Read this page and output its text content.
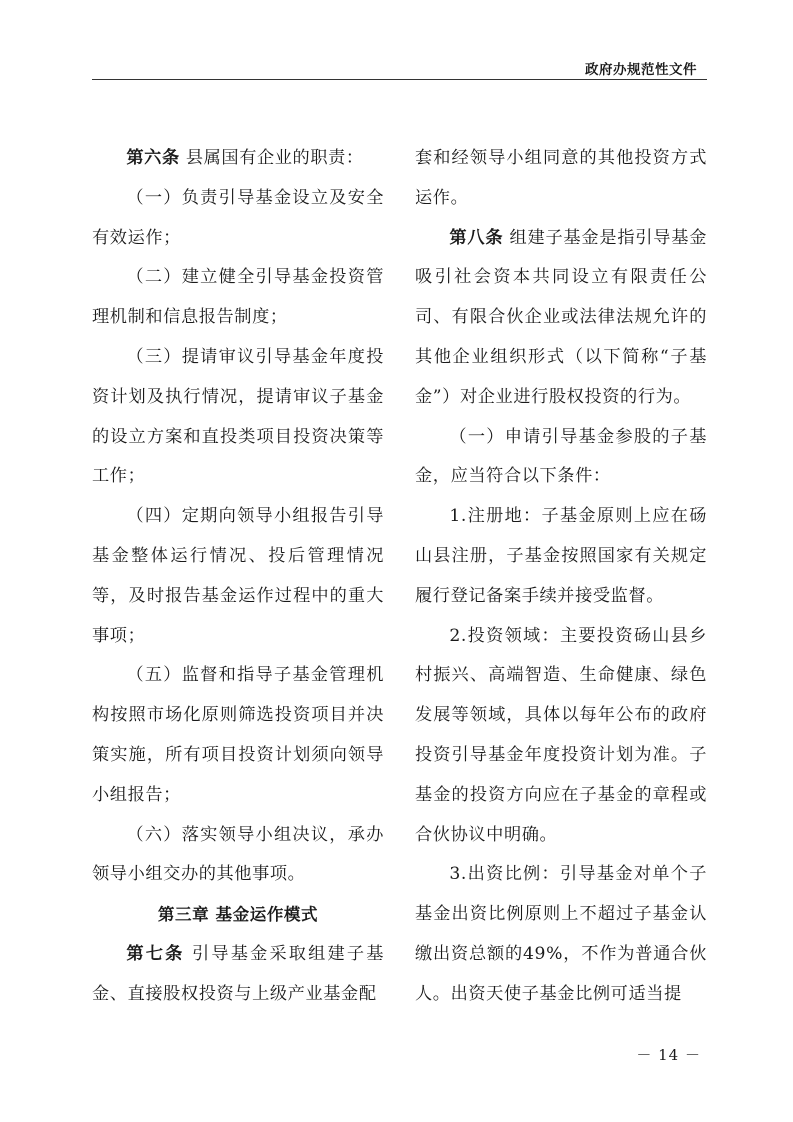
政府办规范性文件

第六条 县属国有企业的职责：

（一）负责引导基金设立及安全有效运作；

（二）建立健全引导基金投资管理机制和信息报告制度；

（三）提请审议引导基金年度投资计划及执行情况，提请审议子基金的设立方案和直投类项目投资决策等工作；

（四）定期向领导小组报告引导基金整体运行情况、投后管理情况等，及时报告基金运作过程中的重大事项；

（五）监督和指导子基金管理机构按照市场化原则筛选投资项目并决策实施，所有项目投资计划须向领导小组报告；

（六）落实领导小组决议，承办领导小组交办的其他事项。

第三章 基金运作模式

第七条 引导基金采取组建子基金、直接股权投资与上级产业基金配

套和经领导小组同意的其他投资方式运作。

第八条 组建子基金是指引导基金吸引社会资本共同设立有限责任公司、有限合伙企业或法律法规允许的其他企业组织形式（以下简称“子基金”）对企业进行股权投资的行为。

（一）申请引导基金参股的子基金，应当符合以下条件：

1.注册地：子基金原则上应在砀山县注册，子基金按照国家有关规定履行登记备案手续并接受监督。

2.投资领域：主要投资砀山县乡村振兴、高端智造、生命健康、绿色发展等领域，具体以每年公布的政府投资引导基金年度投资计划为准。子基金的投资方向应在子基金的章程或合伙协议中明确。

3.出资比例：引导基金对单个子基金出资比例原则上不超过子基金认缴出资总额的49%，不作为普通合伙人。出资天使子基金比例可适当提

－ 14 －
